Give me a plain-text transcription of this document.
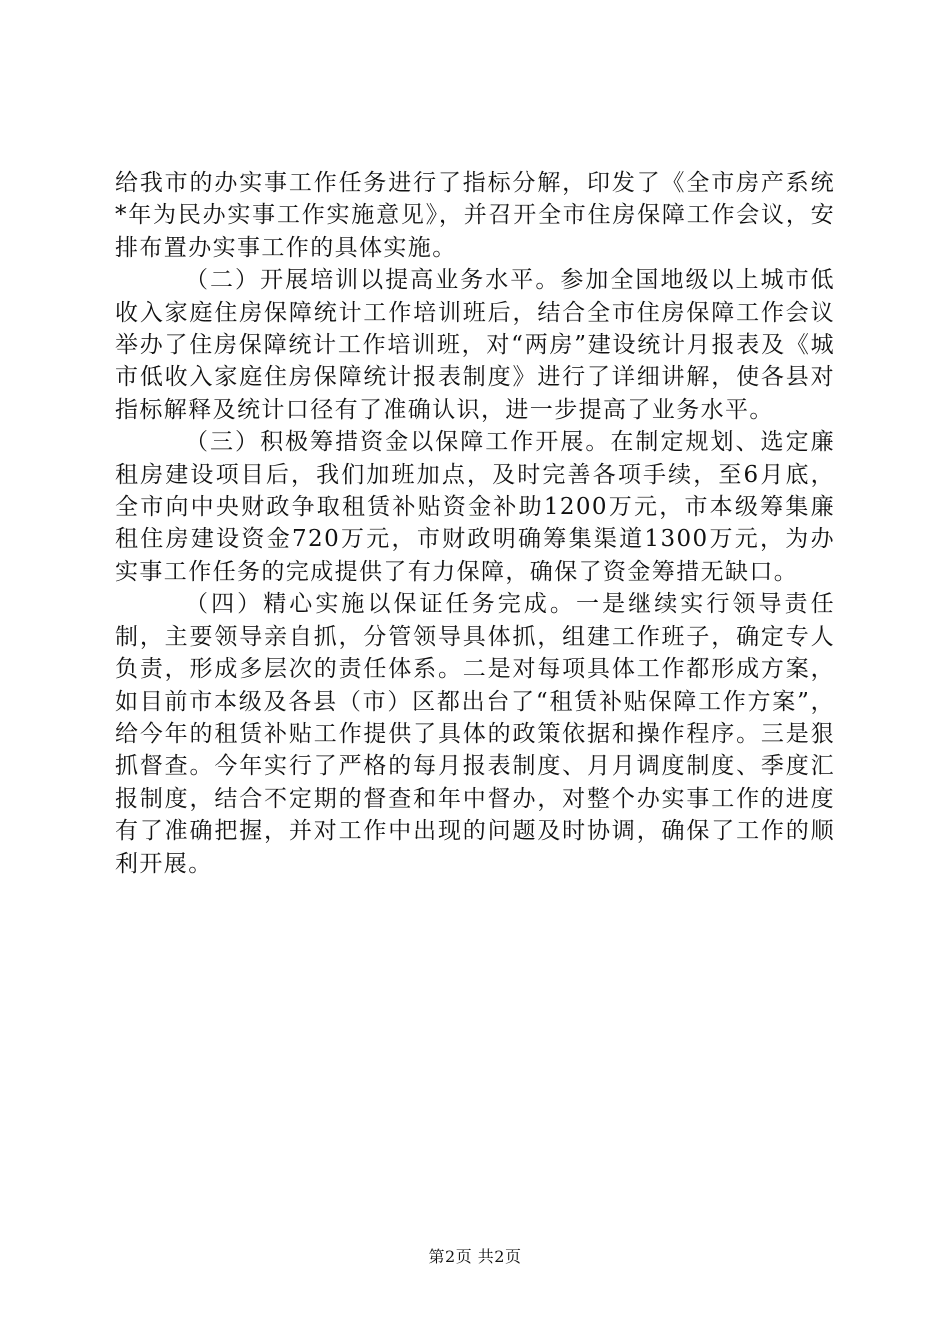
给我市的办实事工作任务进行了指标分解，印发了《全市房产系统*年为民办实事工作实施意见》，并召开全市住房保障工作会议，安排布置办实事工作的具体实施。

（二）开展培训以提高业务水平。参加全国地级以上城市低收入家庭住房保障统计工作培训班后，结合全市住房保障工作会议举办了住房保障统计工作培训班，对“两房”建设统计月报表及《城市低收入家庭住房保障统计报表制度》进行了详细讲解，使各县对指标解释及统计口径有了准确认识，进一步提高了业务水平。

（三）积极筹措资金以保障工作开展。在制定规划、选定廉租房建设项目后，我们加班加点，及时完善各项手续，至6月底，全市向中央财政争取租赁补贴资金补助1200万元，市本级筹集廉租住房建设资金720万元，市财政明确筹集渠道1300万元，为办实事工作任务的完成提供了有力保障，确保了资金筹措无缺口。

（四）精心实施以保证任务完成。一是继续实行领导责任制，主要领导亲自抓，分管领导具体抓，组建工作班子，确定专人负责，形成多层次的责任体系。二是对每项具体工作都形成方案，如目前市本级及各县（市）区都出台了“租赁补贴保障工作方案”，给今年的租赁补贴工作提供了具体的政策依据和操作程序。三是狠抓督查。今年实行了严格的每月报表制度、月月调度制度、季度汇报制度，结合不定期的督查和年中督办，对整个办实事工作的进度有了准确把握，并对工作中出现的问题及时协调，确保了工作的顺利开展。

第2页 共2页
